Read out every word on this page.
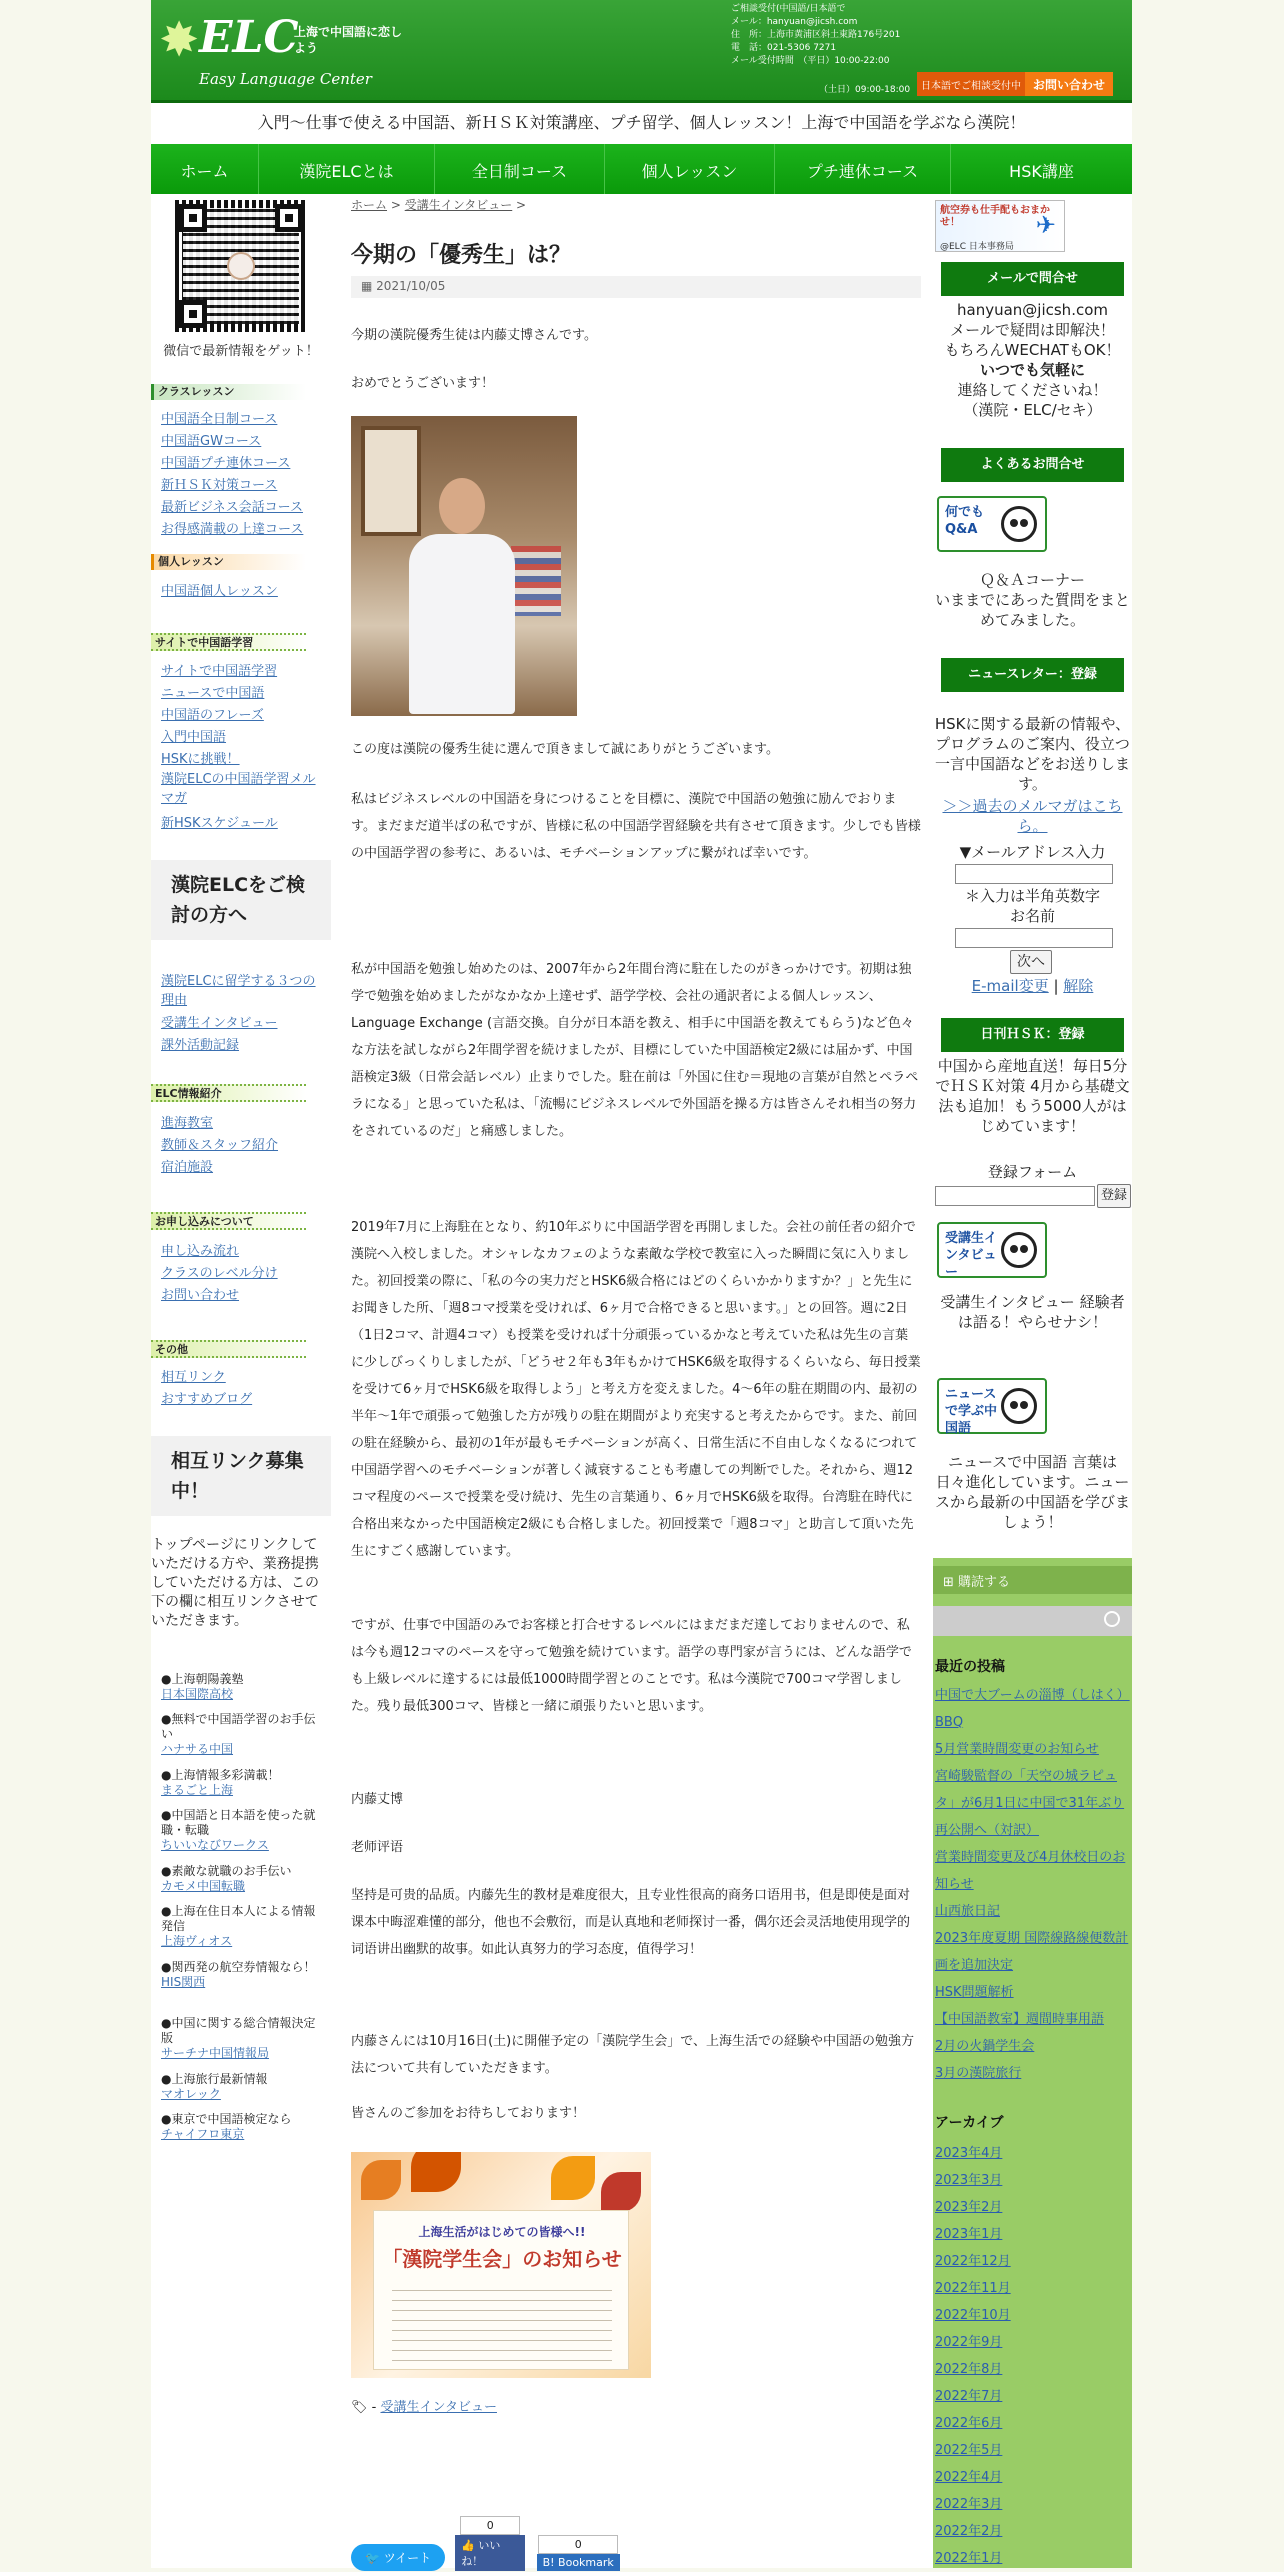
✸ ELC
上海で中国語に恋しよう
Easy Language Center
ご相談受付(中国語/日本語で
メール：hanyuan@jicsh.com
住　所：上海市黄浦区斜土東路176号201
電　話：021-5306 7271
メール受付時間　（平日）10:00-22:00
（土日）09:00-18:00	日本語でご相談受付中	お問い合わせ
入門～仕事で使える中国語、新ＨＳＫ対策講座、プチ留学、個人レッスン！上海で中国語を学ぶなら漢院！
ホーム	漢院ELCとは	全日制コース	個人レッスン	プチ連休コース	HSK講座
微信で最新情報をゲット！
クラスレッスン
中国語全日制コース
中国語GWコース
中国語プチ連休コース
新ＨＳＫ対策コース
最新ビジネス会話コース
お得感満載の上達コース
個人レッスン
中国語個人レッスン
サイトで中国語学習
サイトで中国語学習
ニュースで中国語
中国語のフレーズ
入門中国語
HSKに挑戦！
漢院ELCの中国語学習メルマガ
新HSKスケジュール
漢院ELCをご検討の方へ
漢院ELCに留学する３つの理由
受講生インタビュー
課外活動記録
ELC情報紹介
進海教室
教師＆スタッフ紹介
宿泊施設
お申し込みについて
申し込み流れ
クラスのレベル分け
お問い合わせ
その他
相互リンク
おすすめブログ
相互リンク募集中！
トップページにリンクしていただける方や、業務提携していただける方は、この下の欄に相互リンクさせていただきます。
●上海朝陽義塾
日本国際高校
●無料で中国語学習のお手伝い
ハナサる中国
●上海情報多彩満載！
まるごと上海
●中国語と日本語を使った就職・転職
ちいいなびワークス
●素敵な就職のお手伝い
カモメ中国転職
●上海在住日本人による情報発信
上海ヴィオス
●関西発の航空券情報なら！
HIS関西
●中国に関する総合情報決定版
サーチナ中国情報局
●上海旅行最新情報
マオレック
●東京で中国語検定なら
チャイフロ東京
ホーム > 受講生インタビュー >
今期の「優秀生」は？
▦ 2021/10/05
今期の漢院優秀生徒は内藤丈博さんです。
おめでとうございます！
この度は漢院の優秀生徒に選んで頂きまして誠にありがとうございます。
私はビジネスレベルの中国語を身につけることを目標に、漢院で中国語の勉強に励んでおります。まだまだ道半ばの私ですが、皆様に私の中国語学習経験を共有させて頂きます。少しでも皆様の中国語学習の参考に、あるいは、モチベーションアップに繋がれば幸いです。
私が中国語を勉強し始めたのは、2007年から2年間台湾に駐在したのがきっかけです。初期は独学で勉強を始めましたがなかなか上達せず、語学学校、会社の通訳者による個人レッスン、Language Exchange (言語交換。自分が日本語を教え、相手に中国語を教えてもらう)など色々な方法を試しながら2年間学習を続けましたが、目標にしていた中国語検定2級には届かず、中国語検定3級（日常会話レベル）止まりでした。駐在前は「外国に住む＝現地の言葉が自然とペラペラになる」と思っていた私は、「流暢にビジネスレベルで外国語を操る方は皆さんそれ相当の努力をされているのだ」と痛感しました。
2019年7月に上海駐在となり、約10年ぶりに中国語学習を再開しました。会社の前任者の紹介で漢院へ入校しました。オシャレなカフェのような素敵な学校で教室に入った瞬間に気に入りました。初回授業の際に、「私の今の実力だとHSK6級合格にはどのくらいかかりますか？」と先生にお聞きした所、「週8コマ授業を受ければ、6ヶ月で合格できると思います。」との回答。週に2日（1日2コマ、計週4コマ）も授業を受ければ十分頑張っているかなと考えていた私は先生の言葉に少しびっくりしましたが、「どうせ２年も3年もかけてHSK6級を取得するくらいなら、毎日授業を受けて6ヶ月でHSK6級を取得しよう」と考え方を変えました。4～6年の駐在期間の内、最初の半年～1年で頑張って勉強した方が残りの駐在期間がより充実すると考えたからです。また、前回の駐在経験から、最初の1年が最もモチベーションが高く、日常生活に不自由しなくなるにつれて中国語学習へのモチベーションが著しく減衰することも考慮しての判断でした。それから、週12コマ程度のペースで授業を受け続け、先生の言葉通り、6ヶ月でHSK6級を取得。台湾駐在時代に合格出来なかった中国語検定2級にも合格しました。初回授業で「週8コマ」と助言して頂いた先生にすごく感謝しています。
ですが、仕事で中国語のみでお客様と打合せするレベルにはまだまだ達しておりませんので、私は今も週12コマのペースを守って勉強を続けています。語学の専門家が言うには、どんな語学でも上級レベルに達するには最低1000時間学習とのことです。私は今漢院で700コマ学習しました。残り最低300コマ、皆様と一緒に頑張りたいと思います。
内藤丈博
老师评语
坚持是可贵的品质。内藤先生的教材是难度很大，且专业性很高的商务口语用书，但是即使是面对课本中晦涩难懂的部分，他也不会敷衍，而是认真地和老师探讨一番，偶尔还会灵活地使用现学的词语讲出幽默的故事。如此认真努力的学习态度，值得学习！
内藤さんには10月16日(土)に開催予定の「漢院学生会」で、上海生活での経験や中国語の勉強方法について共有していただきます。
皆さんのご参加をお待ちしております！
上海生活がはじめての皆様へ!!
「漢院学生会」のお知らせ
🏷 - 受講生インタビュー
🐦 ツイート
0
👍 いいね！
0
B! Bookmark
航空券も仕手配もおまかせ！
@ELC 日本事務局
✈
メールで問合せ
hanyuan@jicsh.com
メールで疑問は即解決！
もちろんWECHATもOK！
いつでも気軽に
連絡してくださいね！
（漢院・ELC/セキ）
よくあるお問合せ
何でもQ&A
Ｑ＆Ａコーナー
いままでにあった質問をまとめてみました。
ニュースレター：登録
HSKに関する最新の情報や、プログラムのご案内、役立つ一言中国語などをお送りします。
＞＞過去のメルマガはこちら。
▼メールアドレス入力
＊入力は半角英数字
お名前
次へ
E-mail変更 | 解除
日刊ＨＳＫ：登録
中国から産地直送！毎日5分でＨＳＫ対策 4月から基礎文法も追加！もう5000人がはじめています！
登録フォーム
登録
受講生インタビュー
受講生インタビュー 経験者は語る！やらせナシ！
ニュースで学ぶ中国語
ニュースで中国語 言葉は日々進化しています。ニュースから最新の中国語を学びましょう！
⊞ 購読する
最近の投稿
中国で大ブームの淄博（しはく）BBQ
5月営業時間変更のお知らせ
宮崎駿監督の「天空の城ラピュタ」が6月1日に中国で31年ぶり再公開へ（対訳）
営業時間変更及び4月休校日のお知らせ
山西旅日記
2023年度夏期 国際線路線便数計画を追加決定
HSK問題解析
【中国語教室】週間時事用語
2月の火鍋学生会
3月の漢院旅行
アーカイブ
2023年4月
2023年3月
2023年2月
2023年1月
2022年12月
2022年11月
2022年10月
2022年9月
2022年8月
2022年7月
2022年6月
2022年5月
2022年4月
2022年3月
2022年2月
2022年1月
